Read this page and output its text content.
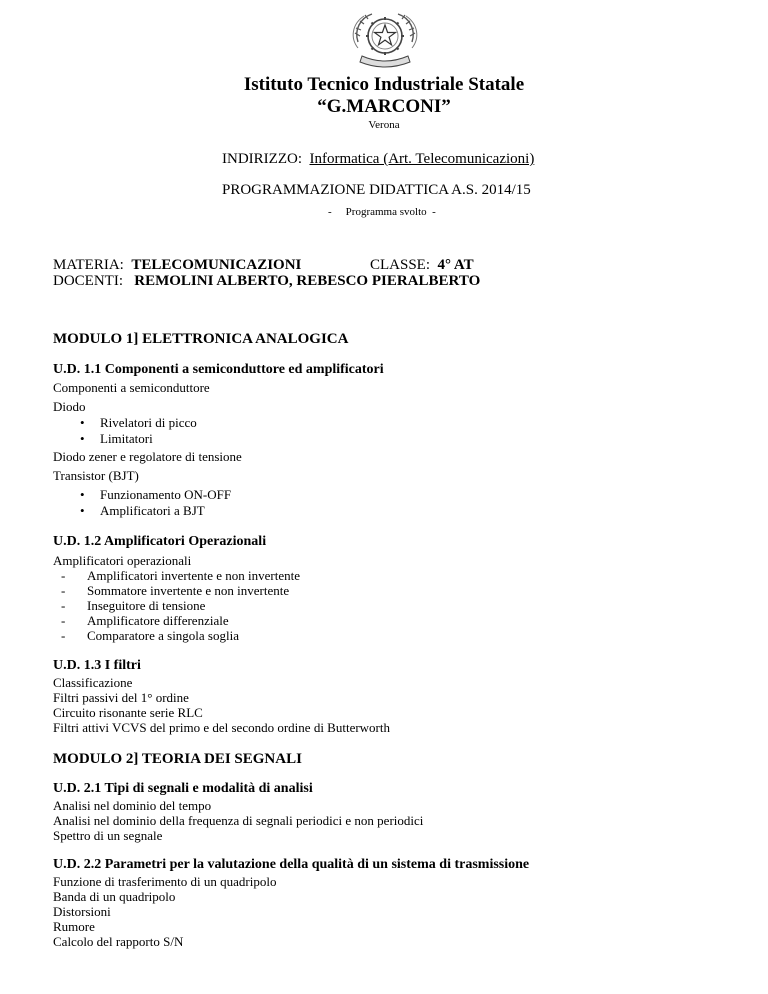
Istituto Tecnico Industriale Statale
“G.MARCONI”
Verona
INDIRIZZO: Informatica (Art. Telecomunicazioni)
PROGRAMMAZIONE DIDATTICA A.S. 2014/15
- Programma svolto -
MATERIA: TELECOMUNICAZIONI	CLASSE: 4° AT
DOCENTI: REMOLINI ALBERTO, REBESCO PIERALBERTO
MODULO 1] ELETTRONICA ANALOGICA
U.D. 1.1 Componenti a semiconduttore ed amplificatori
Componenti a semiconduttore
Diodo
• Rivelatori di picco
• Limitatori
Diodo zener e regolatore di tensione
Transistor (BJT)
• Funzionamento ON-OFF
• Amplificatori a BJT
U.D. 1.2 Amplificatori Operazionali
Amplificatori operazionali
- Amplificatori invertente e non invertente
- Sommatore invertente e non invertente
- Inseguitore di tensione
- Amplificatore differenziale
- Comparatore a singola soglia
U.D. 1.3 I filtri
Classificazione
Filtri passivi del 1° ordine
Circuito risonante serie RLC
Filtri attivi VCVS del primo e del secondo ordine di Butterworth
MODULO 2] TEORIA DEI SEGNALI
U.D. 2.1 Tipi di segnali e modalità di analisi
Analisi nel dominio del tempo
Analisi nel dominio della frequenza di segnali periodici e non periodici
Spettro di un segnale
U.D. 2.2 Parametri per la valutazione della qualità di un sistema di trasmissione
Funzione di trasferimento di un quadripolo
Banda di un quadripolo
Distorsioni
Rumore
Calcolo del rapporto S/N
